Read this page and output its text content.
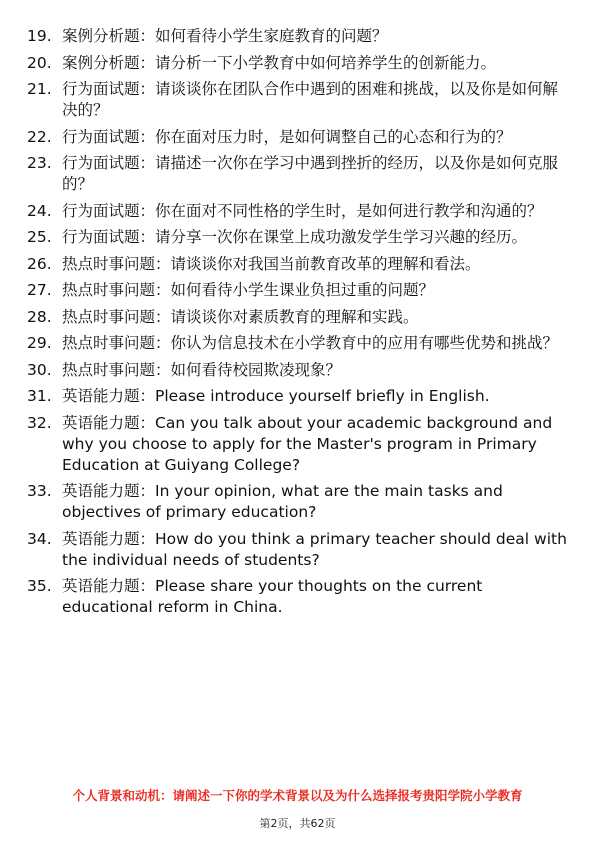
19. 案例分析题：如何看待小学生家庭教育的问题？
20. 案例分析题：请分析一下小学教育中如何培养学生的创新能力。
21. 行为面试题：请谈谈你在团队合作中遇到的困难和挑战，以及你是如何解决的？
22. 行为面试题：你在面对压力时，是如何调整自己的心态和行为的？
23. 行为面试题：请描述一次你在学习中遇到挫折的经历，以及你是如何克服的？
24. 行为面试题：你在面对不同性格的学生时，是如何进行教学和沟通的？
25. 行为面试题：请分享一次你在课堂上成功激发学生学习兴趣的经历。
26. 热点时事问题：请谈谈你对我国当前教育改革的理解和看法。
27. 热点时事问题：如何看待小学生课业负担过重的问题？
28. 热点时事问题：请谈谈你对素质教育的理解和实践。
29. 热点时事问题：你认为信息技术在小学教育中的应用有哪些优势和挑战？
30. 热点时事问题：如何看待校园欺凌现象？
31. 英语能力题：Please introduce yourself briefly in English.
32. 英语能力题：Can you talk about your academic background and why you choose to apply for the Master's program in Primary Education at Guiyang College?
33. 英语能力题：In your opinion, what are the main tasks and objectives of primary education?
34. 英语能力题：How do you think a primary teacher should deal with the individual needs of students?
35. 英语能力题：Please share your thoughts on the current educational reform in China.
个人背景和动机：请阐述一下你的学术背景以及为什么选择报考贵阳学院小学教育
第2页，共62页
